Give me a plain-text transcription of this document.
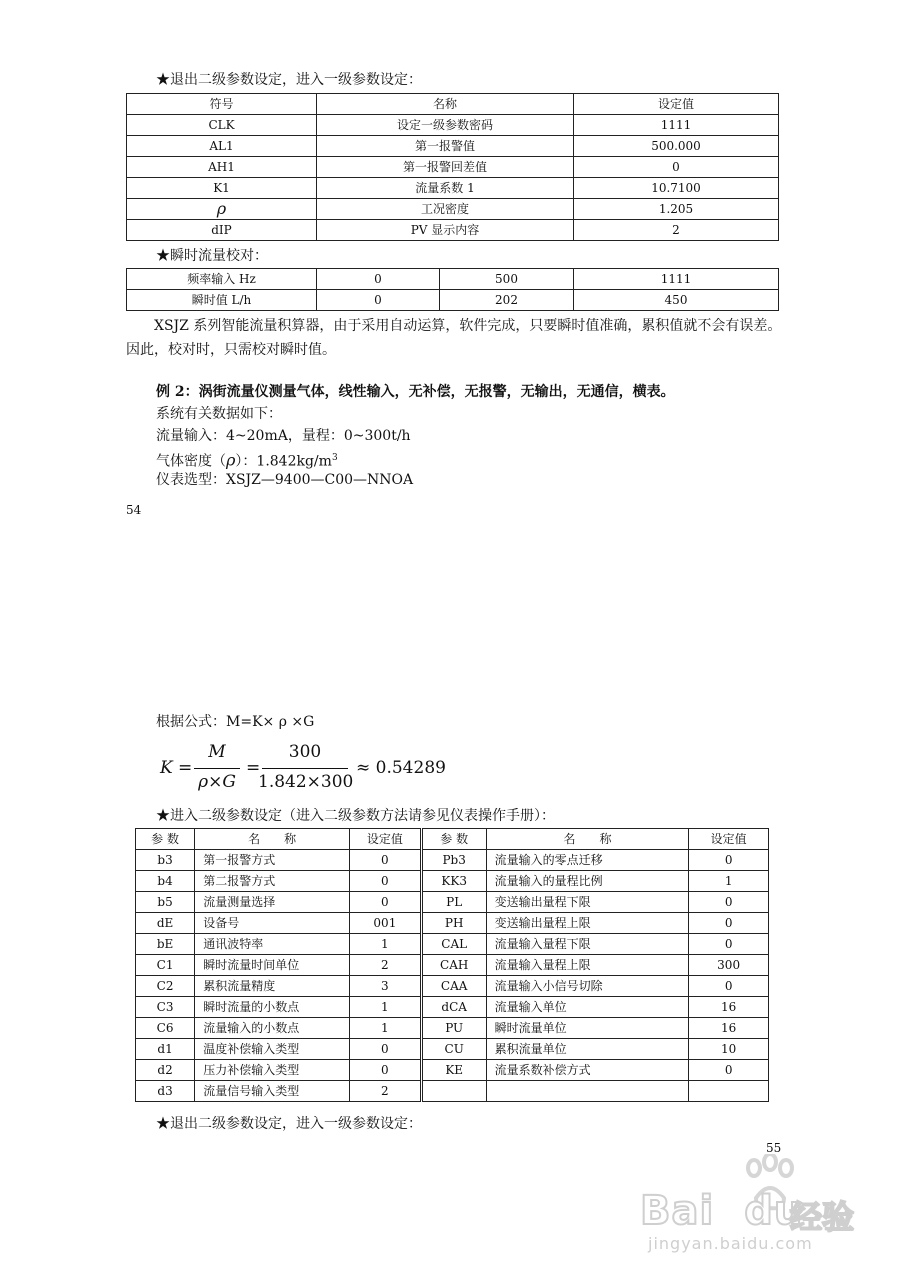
★退出二级参数设定，进入一级参数设定：
符号	名称	设定值
CLK	设定一级参数密码	1111
AL1	第一报警值	500.000
AH1	第一报警回差值	0
K1	流量系数 1	10.7100
ρ	工况密度	1.205
dIP	PV 显示内容	2
★瞬时流量校对：
频率输入 Hz	0	500	1111
瞬时值 L/h	0	202	450
XSJZ 系列智能流量积算器，由于采用自动运算，软件完成，只要瞬时值准确，累积值就不会有误差。因此，校对时，只需校对瞬时值。
例 2：涡街流量仪测量气体，线性输入，无补偿，无报警，无输出，无通信，横表。
系统有关数据如下：
流量输入：4~20mA，量程：0~300t/h
气体密度（ρ）：$1.842kg/m^3$
仪表选型：XSJZ—9400—C00—NNOA
54
根据公式：M=K× ρ ×G
K =
M
ρ×G
=
300
1.842×300
≈ 0.54289
★进入二级参数设定（进入二级参数方法请参见仪表操作手册）：
参 数	名　　称	设定值	参 数	名　　称	设定值
b3	第一报警方式	0	Pb3	流量输入的零点迁移	0
b4	第二报警方式	0	KK3	流量输入的量程比例	1
b5	流量测量选择	0	PL	变送输出量程下限	0
dE	设备号	001	PH	变送输出量程上限	0
bE	通讯波特率	1	CAL	流量输入量程下限	0
C1	瞬时流量时间单位	2	CAH	流量输入量程上限	300
C2	累积流量精度	3	CAA	流量输入小信号切除	0
C3	瞬时流量的小数点	1	dCA	流量输入单位	16
C6	流量输入的小数点	1	PU	瞬时流量单位	16
d1	温度补偿输入类型	0	CU	累积流量单位	10
d2	压力补偿输入类型	0	KE	流量系数补偿方式	0
d3	流量信号输入类型	2			
★退出二级参数设定，进入一级参数设定：
55
Bai du
经验
jingyan.baidu.com
